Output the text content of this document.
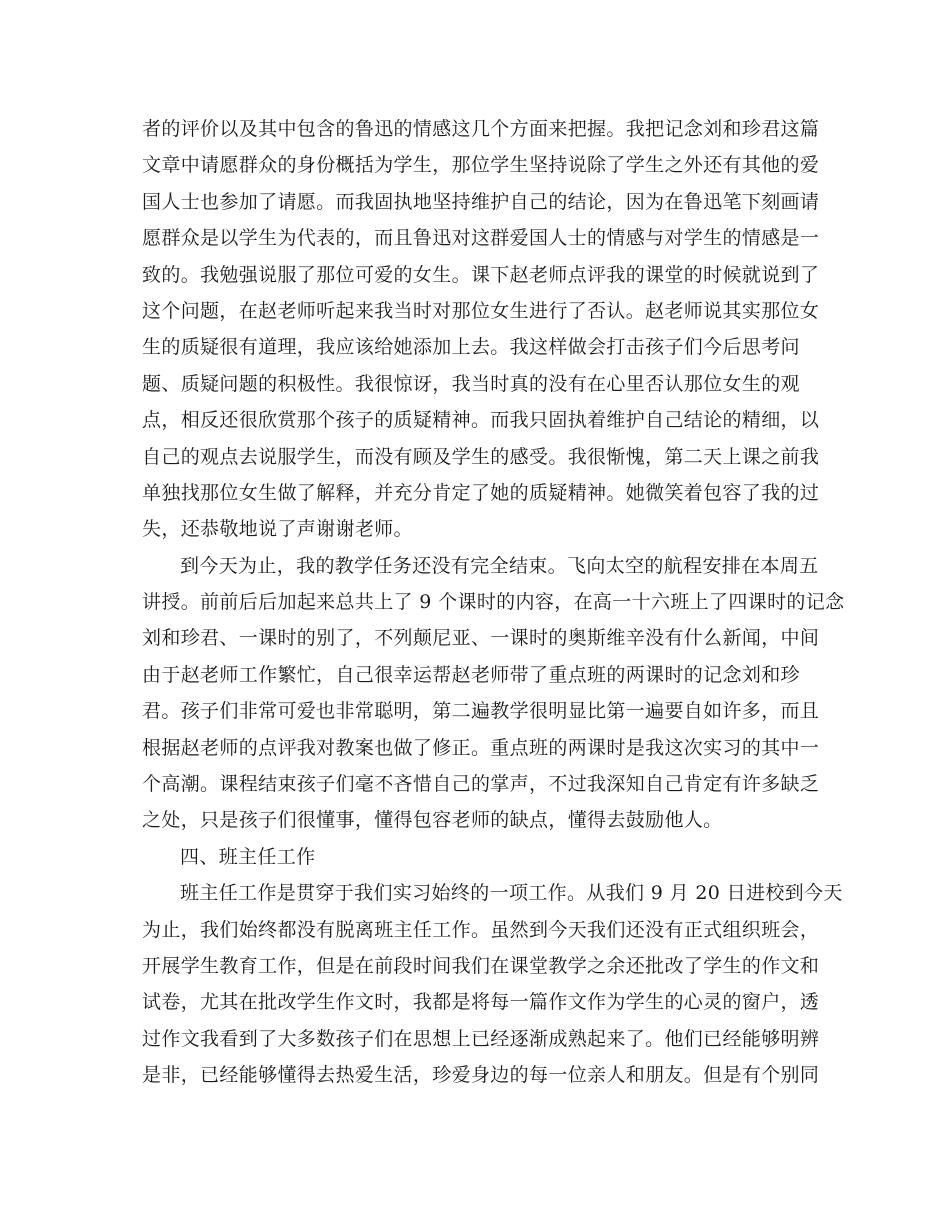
者的评价以及其中包含的鲁迅的情感这几个方面来把握。我把记念刘和珍君这篇

文章中请愿群众的身份概括为学生，那位学生坚持说除了学生之外还有其他的爱

国人士也参加了请愿。而我固执地坚持维护自己的结论，因为在鲁迅笔下刻画请

愿群众是以学生为代表的，而且鲁迅对这群爱国人士的情感与对学生的情感是一

致的。我勉强说服了那位可爱的女生。课下赵老师点评我的课堂的时候就说到了

这个问题，在赵老师听起来我当时对那位女生进行了否认。赵老师说其实那位女

生的质疑很有道理，我应该给她添加上去。我这样做会打击孩子们今后思考问

题、质疑问题的积极性。我很惊讶，我当时真的没有在心里否认那位女生的观

点，相反还很欣赏那个孩子的质疑精神。而我只固执着维护自己结论的精细，以

自己的观点去说服学生，而没有顾及学生的感受。我很惭愧，第二天上课之前我

单独找那位女生做了解释，并充分肯定了她的质疑精神。她微笑着包容了我的过

失，还恭敬地说了声谢谢老师。

到今天为止，我的教学任务还没有完全结束。飞向太空的航程安排在本周五

讲授。前前后后加起来总共上了 9 个课时的内容，在高一十六班上了四课时的记念

刘和珍君、一课时的别了，不列颠尼亚、一课时的奥斯维辛没有什么新闻，中间

由于赵老师工作繁忙，自己很幸运帮赵老师带了重点班的两课时的记念刘和珍

君。孩子们非常可爱也非常聪明，第二遍教学很明显比第一遍要自如许多，而且

根据赵老师的点评我对教案也做了修正。重点班的两课时是我这次实习的其中一

个高潮。课程结束孩子们毫不吝惜自己的掌声，不过我深知自己肯定有许多缺乏

之处，只是孩子们很懂事，懂得包容老师的缺点，懂得去鼓励他人。

四、班主任工作

班主任工作是贯穿于我们实习始终的一项工作。从我们 9 月 20 日进校到今天

为止，我们始终都没有脱离班主任工作。虽然到今天我们还没有正式组织班会，

开展学生教育工作，但是在前段时间我们在课堂教学之余还批改了学生的作文和

试卷，尤其在批改学生作文时，我都是将每一篇作文作为学生的心灵的窗户，透

过作文我看到了大多数孩子们在思想上已经逐渐成熟起来了。他们已经能够明辨

是非，已经能够懂得去热爱生活，珍爱身边的每一位亲人和朋友。但是有个别同
